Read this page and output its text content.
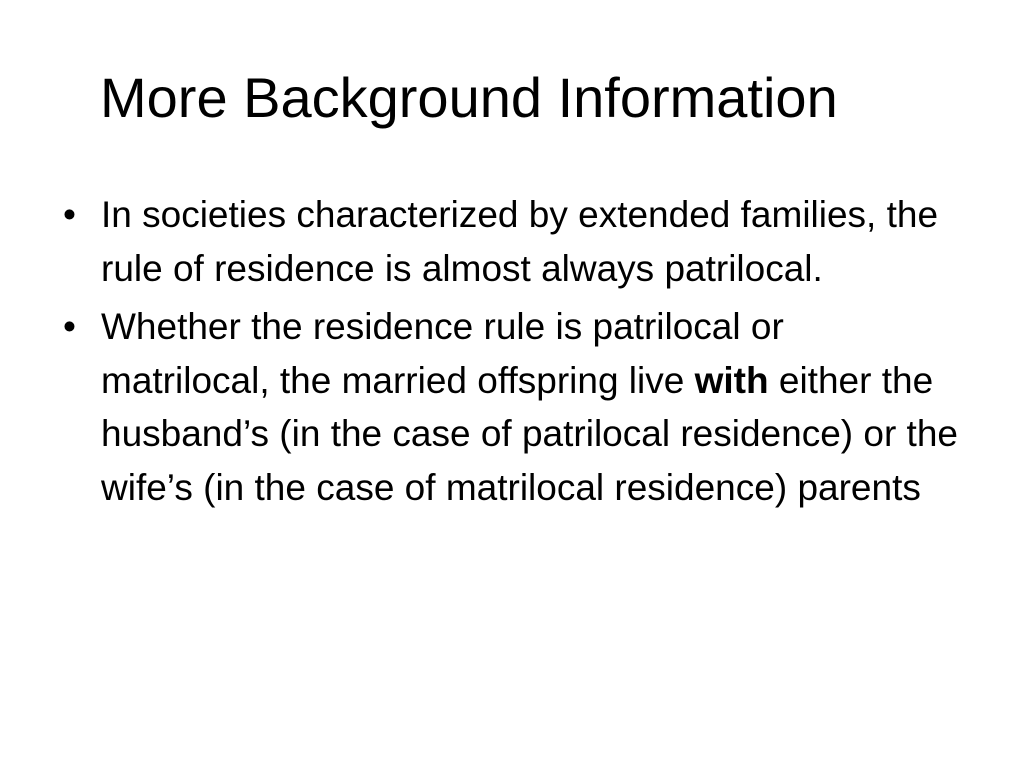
More Background Information
• In societies characterized by extended families, the rule of residence is almost always patrilocal.
• Whether the residence rule is patrilocal or matrilocal, the married offspring live with either the husband’s (in the case of patrilocal residence) or the wife’s (in the case of matrilocal residence) parents
